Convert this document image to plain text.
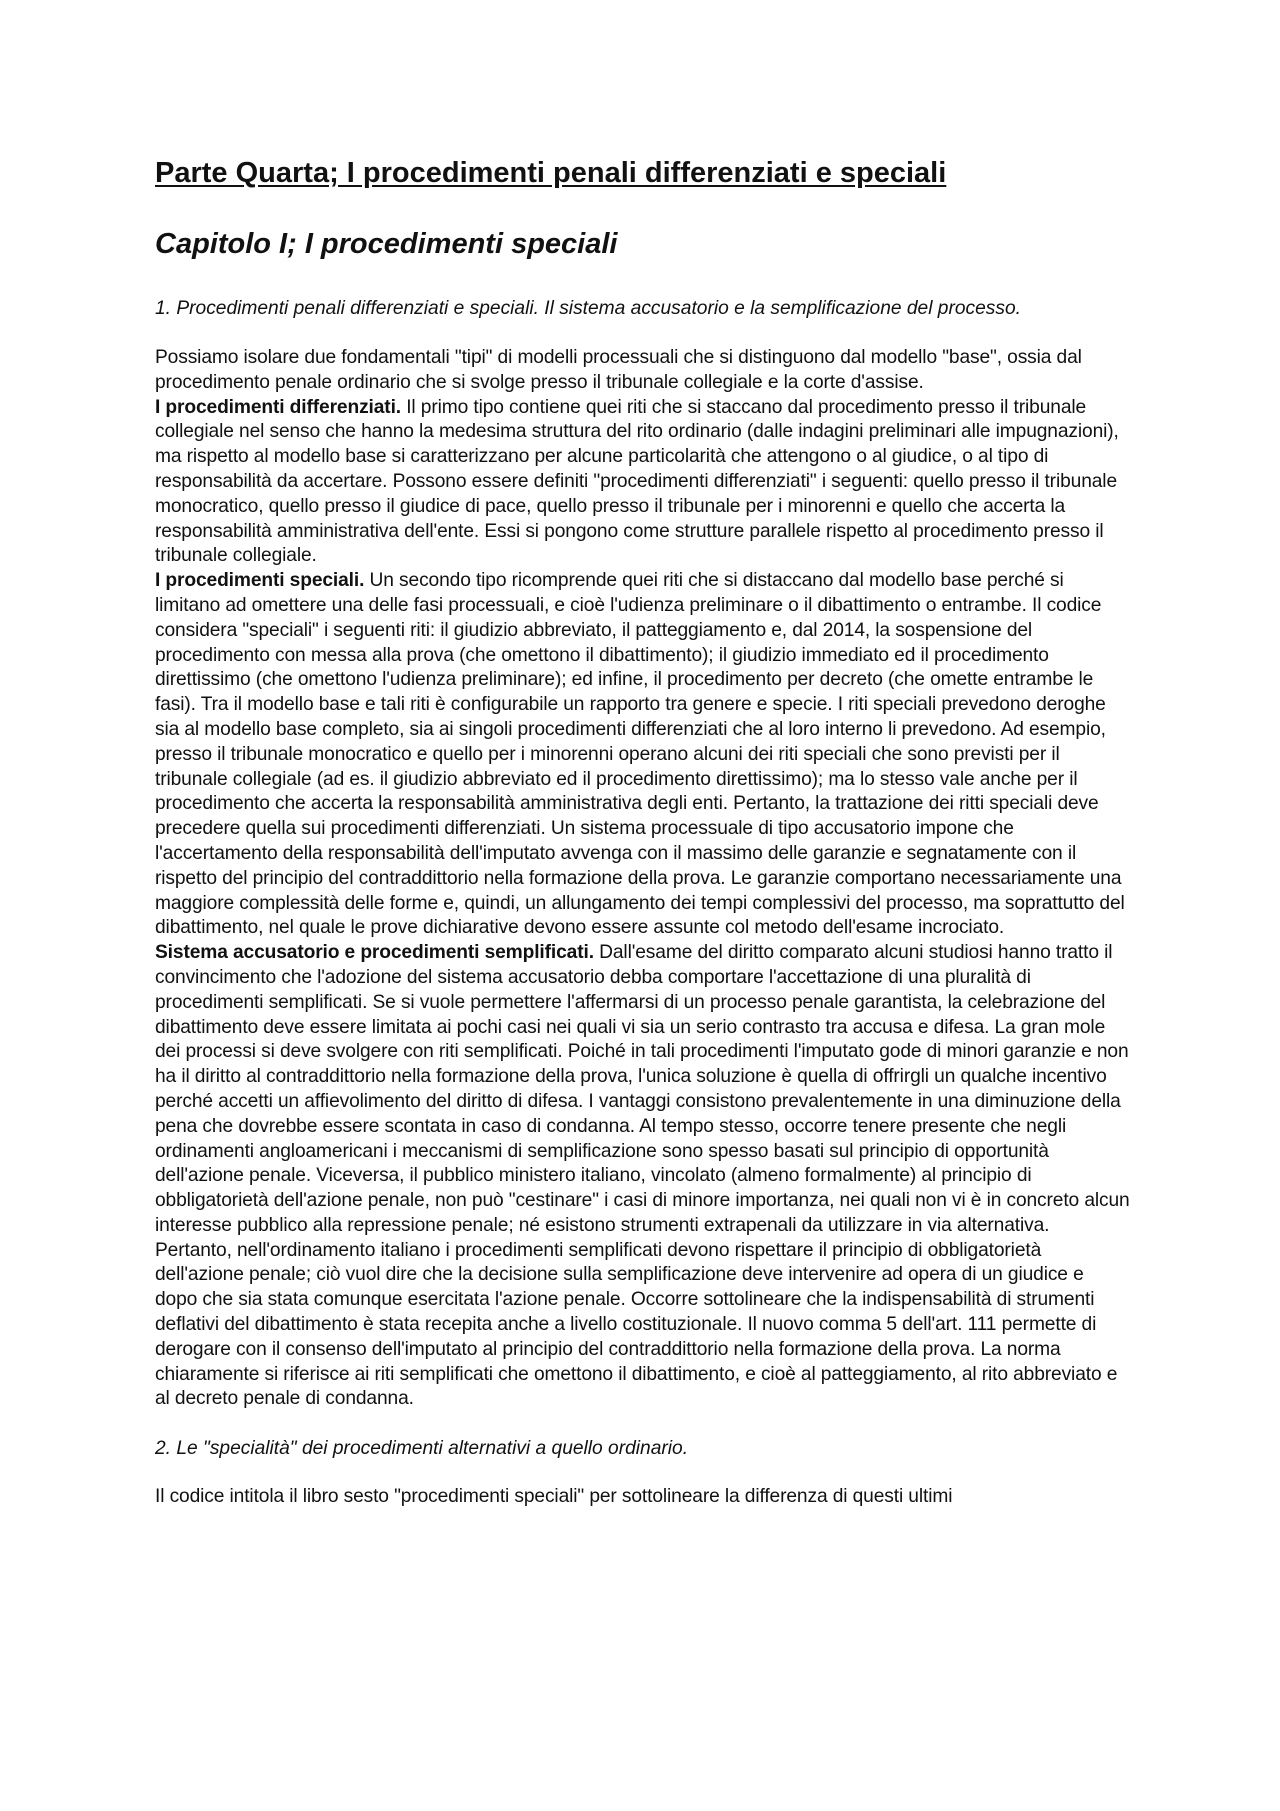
Parte Quarta; I procedimenti penali differenziati e speciali
Capitolo I; I procedimenti speciali

1. Procedimenti penali differenziati e speciali. Il sistema accusatorio e la semplificazione del processo.

Possiamo isolare due fondamentali "tipi" di modelli processuali che si distinguono dal modello "base", ossia dal procedimento penale ordinario che si svolge presso il tribunale collegiale e la corte d'assise.
I procedimenti differenziati. Il primo tipo contiene quei riti che si staccano dal procedimento presso il tribunale collegiale nel senso che hanno la medesima struttura del rito ordinario (dalle indagini preliminari alle impugnazioni), ma rispetto al modello base si caratterizzano per alcune particolarità che attengono o al giudice, o al tipo di responsabilità da accertare. Possono essere definiti "procedimenti differenziati" i seguenti: quello presso il tribunale monocratico, quello presso il giudice di pace, quello presso il tribunale per i minorenni e quello che accerta la responsabilità amministrativa dell'ente. Essi si pongono come strutture parallele rispetto al procedimento presso il tribunale collegiale.
I procedimenti speciali. Un secondo tipo ricomprende quei riti che si distaccano dal modello base perché si limitano ad omettere una delle fasi processuali, e cioè l'udienza preliminare o il dibattimento o entrambe. Il codice considera "speciali" i seguenti riti: il giudizio abbreviato, il patteggiamento e, dal 2014, la sospensione del procedimento con messa alla prova (che omettono il dibattimento); il giudizio immediato ed il procedimento direttissimo (che omettono l'udienza preliminare); ed infine, il procedimento per decreto (che omette entrambe le fasi). Tra il modello base e tali riti è configurabile un rapporto tra genere e specie. I riti speciali prevedono deroghe sia al modello base completo, sia ai singoli procedimenti differenziati che al loro interno li prevedono. Ad esempio, presso il tribunale monocratico e quello per i minorenni operano alcuni dei riti speciali che sono previsti per il tribunale collegiale (ad es. il giudizio abbreviato ed il procedimento direttissimo); ma lo stesso vale anche per il procedimento che accerta la responsabilità amministrativa degli enti. Pertanto, la trattazione dei ritti speciali deve precedere quella sui procedimenti differenziati. Un sistema processuale di tipo accusatorio impone che l'accertamento della responsabilità dell'imputato avvenga con il massimo delle garanzie e segnatamente con il rispetto del principio del contraddittorio nella formazione della prova. Le garanzie comportano necessariamente una maggiore complessità delle forme e, quindi, un allungamento dei tempi complessivi del processo, ma soprattutto del dibattimento, nel quale le prove dichiarative devono essere assunte col metodo dell'esame incrociato.
Sistema accusatorio e procedimenti semplificati. Dall'esame del diritto comparato alcuni studiosi hanno tratto il convincimento che l'adozione del sistema accusatorio debba comportare l'accettazione di una pluralità di procedimenti semplificati. Se si vuole permettere l'affermarsi di un processo penale garantista, la celebrazione del dibattimento deve essere limitata ai pochi casi nei quali vi sia un serio contrasto tra accusa e difesa. La gran mole dei processi si deve svolgere con riti semplificati. Poiché in tali procedimenti l'imputato gode di minori garanzie e non ha il diritto al contraddittorio nella formazione della prova, l'unica soluzione è quella di offrirgli un qualche incentivo perché accetti un affievolimento del diritto di difesa. I vantaggi consistono prevalentemente in una diminuzione della pena che dovrebbe essere scontata in caso di condanna. Al tempo stesso, occorre tenere presente che negli ordinamenti angloamericani i meccanismi di semplificazione sono spesso basati sul principio di opportunità dell'azione penale. Viceversa, il pubblico ministero italiano, vincolato (almeno formalmente) al principio di obbligatorietà dell'azione penale, non può "cestinare" i casi di minore importanza, nei quali non vi è in concreto alcun interesse pubblico alla repressione penale; né esistono strumenti extrapenali da utilizzare in via alternativa. Pertanto, nell'ordinamento italiano i procedimenti semplificati devono rispettare il principio di obbligatorietà dell'azione penale; ciò vuol dire che la decisione sulla semplificazione deve intervenire ad opera di un giudice e dopo che sia stata comunque esercitata l'azione penale. Occorre sottolineare che la indispensabilità di strumenti deflativi del dibattimento è stata recepita anche a livello costituzionale. Il nuovo comma 5 dell'art. 111 permette di derogare con il consenso dell'imputato al principio del contraddittorio nella formazione della prova. La norma chiaramente si riferisce ai riti semplificati che omettono il dibattimento, e cioè al patteggiamento, al rito abbreviato e al decreto penale di condanna.

2. Le "specialità" dei procedimenti alternativi a quello ordinario.

Il codice intitola il libro sesto "procedimenti speciali" per sottolineare la differenza di questi ultimi
